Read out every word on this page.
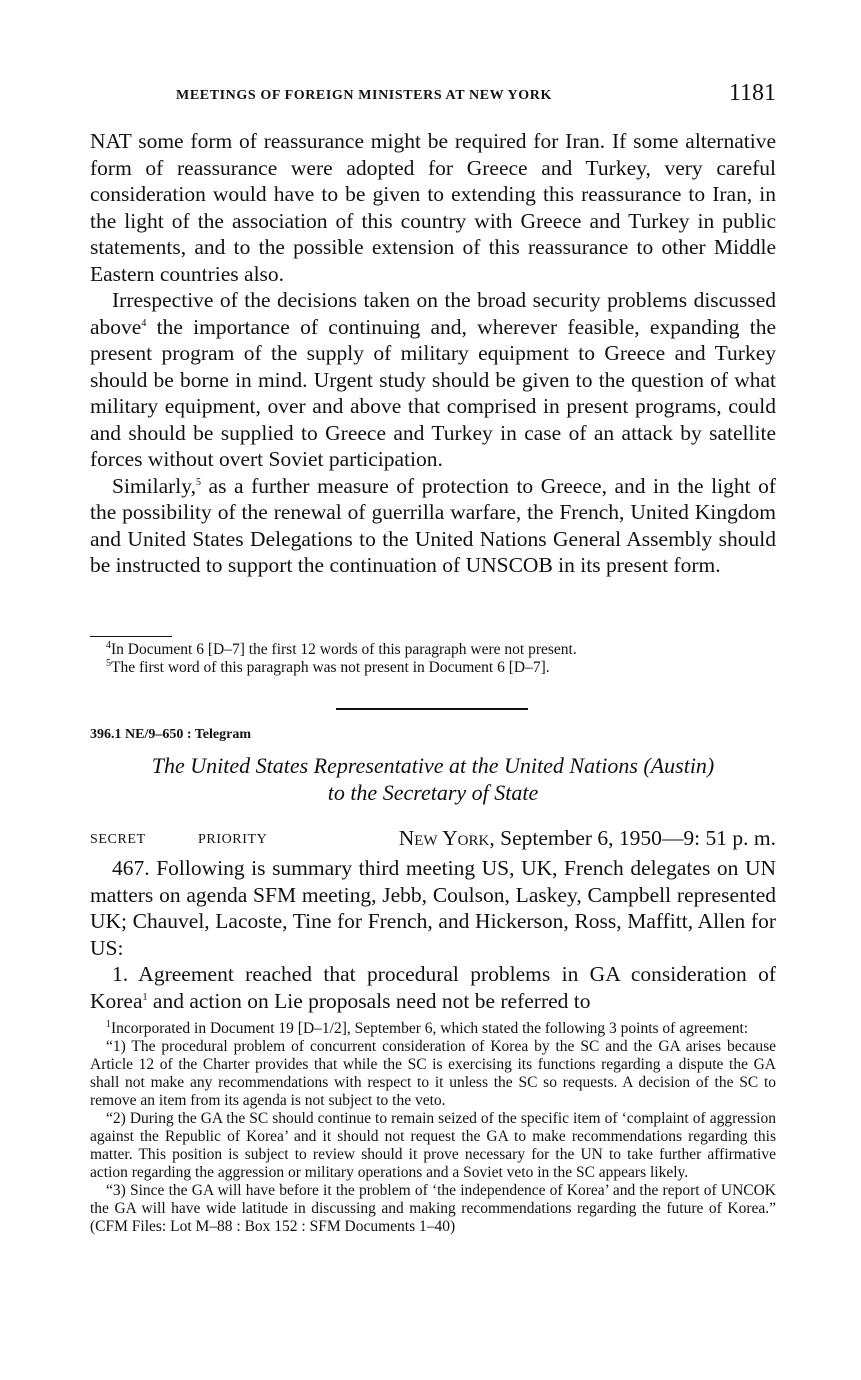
MEETINGS OF FOREIGN MINISTERS AT NEW YORK	1181

NAT some form of reassurance might be required for Iran. If some alternative form of reassurance were adopted for Greece and Turkey, very careful consideration would have to be given to extending this reassurance to Iran, in the light of the association of this country with Greece and Turkey in public statements, and to the possible extension of this reassurance to other Middle Eastern countries also.

Irrespective of the decisions taken on the broad security problems discussed above$^4$ the importance of continuing and, wherever feasible, expanding the present program of the supply of military equipment to Greece and Turkey should be borne in mind. Urgent study should be given to the question of what military equipment, over and above that comprised in present programs, could and should be supplied to Greece and Turkey in case of an attack by satellite forces without overt Soviet participation.

Similarly,$^5$ as a further measure of protection to Greece, and in the light of the possibility of the renewal of guerrilla warfare, the French, United Kingdom and United States Delegations to the United Nations General Assembly should be instructed to support the continuation of UNSCOB in its present form.

$^4$In Document 6 [D–7] the first 12 words of this paragraph were not present.

$^5$The first word of this paragraph was not present in Document 6 [D–7].

396.1 NE/9–650 : Telegram
The United States Representative at the United Nations (Austin)
to the Secretary of State
SECRET	PRIORITY	New York, September 6, 1950—9: 51 p. m.

467. Following is summary third meeting US, UK, French delegates on UN matters on agenda SFM meeting, Jebb, Coulson, Laskey, Campbell represented UK; Chauvel, Lacoste, Tine for French, and Hickerson, Ross, Maffitt, Allen for US:

1. Agreement reached that procedural problems in GA consideration of Korea$^1$ and action on Lie proposals need not be referred to

$^1$Incorporated in Document 19 [D–1/2], September 6, which stated the following 3 points of agreement:

“1) The procedural problem of concurrent consideration of Korea by the SC and the GA arises because Article 12 of the Charter provides that while the SC is exercising its functions regarding a dispute the GA shall not make any recommendations with respect to it unless the SC so requests. A decision of the SC to remove an item from its agenda is not subject to the veto.

“2) During the GA the SC should continue to remain seized of the specific item of ‘complaint of aggression against the Republic of Korea’ and it should not request the GA to make recommendations regarding this matter. This position is subject to review should it prove necessary for the UN to take further affirmative action regarding the aggression or military operations and a Soviet veto in the SC appears likely.

“3) Since the GA will have before it the problem of ‘the independence of Korea’ and the report of UNCOK the GA will have wide latitude in discussing and making recommendations regarding the future of Korea.” (CFM Files: Lot M–88 : Box 152 : SFM Documents 1–40)
